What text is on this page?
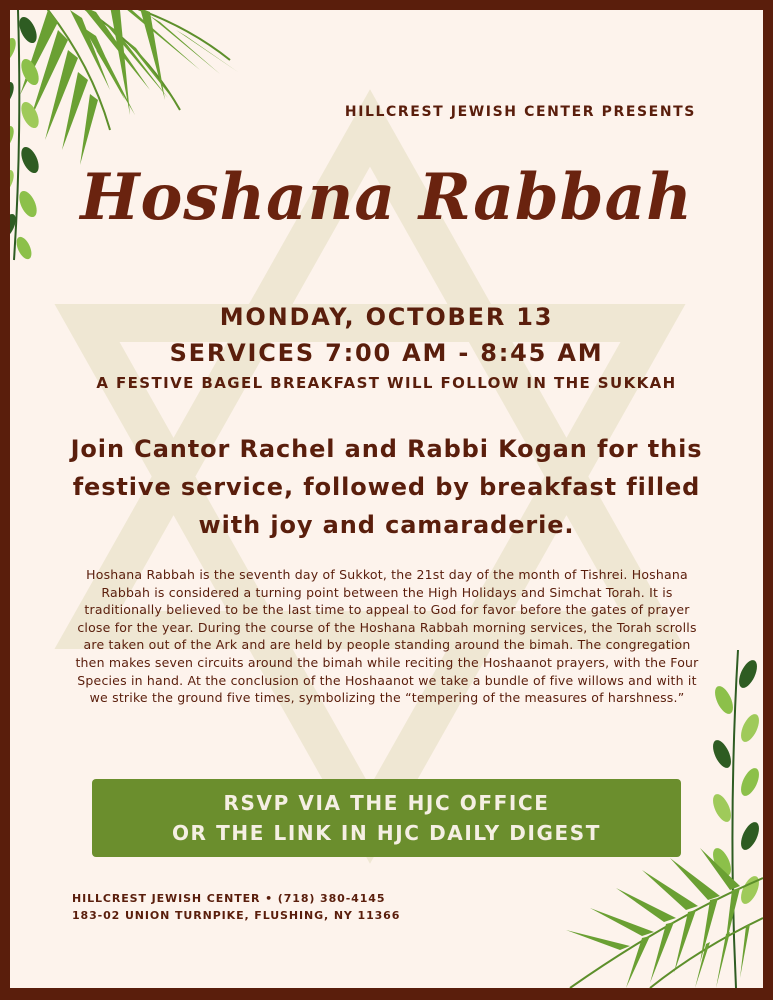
HILLCREST JEWISH CENTER PRESENTS
Hoshana Rabbah
MONDAY, OCTOBER 13
SERVICES 7:00 AM - 8:45 AM
A FESTIVE BAGEL BREAKFAST WILL FOLLOW IN THE SUKKAH
Join Cantor Rachel and Rabbi Kogan for this festive service, followed by breakfast filled with joy and camaraderie.
Hoshana Rabbah is the seventh day of Sukkot, the 21st day of the month of Tishrei. Hoshana Rabbah is considered a turning point between the High Holidays and Simchat Torah. It is traditionally believed to be the last time to appeal to God for favor before the gates of prayer close for the year. During the course of the Hoshana Rabbah morning services, the Torah scrolls are taken out of the Ark and are held by people standing around the bimah. The congregation then makes seven circuits around the bimah while reciting the Hoshaanot prayers, with the Four Species in hand. At the conclusion of the Hoshaanot we take a bundle of five willows and with it we strike the ground five times, symbolizing the “tempering of the measures of harshness.”
RSVP VIA THE HJC OFFICE
OR THE LINK IN HJC DAILY DIGEST
HILLCREST JEWISH CENTER • (718) 380-4145
183-02 UNION TURNPIKE, FLUSHING, NY 11366
